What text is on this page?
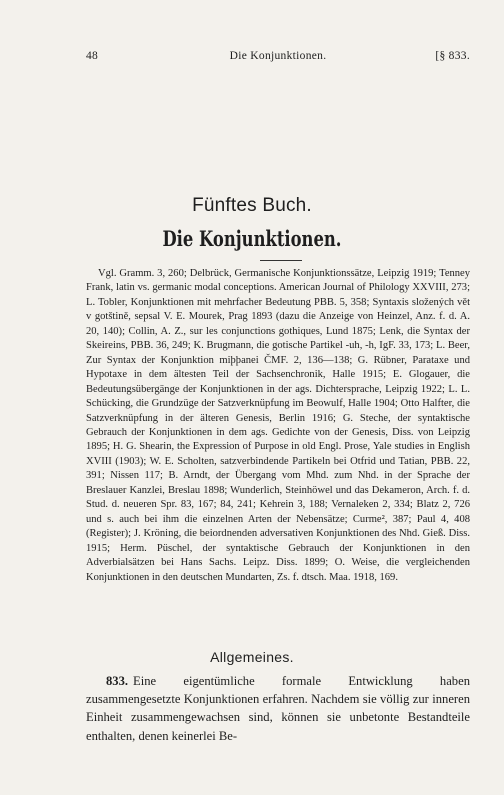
48	Die Konjunktionen.	[§ 833.
Fünftes Buch.
Die Konjunktionen.
Vgl. Gramm. 3, 260; Delbrück, Germanische Konjunktionssätze, Leipzig 1919; Tenney Frank, latin vs. germanic modal conceptions. American Journal of Philology XXVIII, 273; L. Tobler, Konjunktionen mit mehrfacher Bedeutung PBB. 5, 358; Syntaxis složených vět v gotštině, sepsal V. E. Mourek, Prag 1893 (dazu die Anzeige von Heinzel, Anz. f. d. A. 20, 140); Collin, A. Z., sur les conjunctions gothiques, Lund 1875; Lenk, die Syntax der Skeireins, PBB. 36, 249; K. Brugmann, die gotische Partikel -uh, -h, IgF. 33, 173; L. Beer, Zur Syntax der Konjunktion miþþanei ČMF. 2, 136—138; G. Rübner, Parataxe und Hypotaxe in dem ältesten Teil der Sachsenchronik, Halle 1915; E. Glogauer, die Bedeutungsübergänge der Konjunktionen in der ags. Dichtersprache, Leipzig 1922; L. L. Schücking, die Grundzüge der Satzverknüpfung im Beowulf, Halle 1904; Otto Halfter, die Satzverknüpfung in der älteren Genesis, Berlin 1916; G. Steche, der syntaktische Gebrauch der Konjunktionen in dem ags. Gedichte von der Genesis, Diss. von Leipzig 1895; H. G. Shearin, the Expression of Purpose in old Engl. Prose, Yale studies in English XVIII (1903); W. E. Scholten, satzverbindende Partikeln bei Otfrid und Tatian, PBB. 22, 391; Nissen 117; B. Arndt, der Übergang vom Mhd. zum Nhd. in der Sprache der Breslauer Kanzlei, Breslau 1898; Wunderlich, Steinhöwel und das Dekameron, Arch. f. d. Stud. d. neueren Spr. 83, 167; 84, 241; Kehrein 3, 188; Vernaleken 2, 334; Blatz 2, 726 und s. auch bei ihm die einzelnen Arten der Nebensätze; Curme², 387; Paul 4, 408 (Register); J. Kröning, die beiordnenden adversativen Konjunktionen des Nhd. Gieß. Diss. 1915; Herm. Püschel, der syntaktische Gebrauch der Konjunktionen in den Adverbialsätzen bei Hans Sachs. Leipz. Diss. 1899; O. Weise, die vergleichenden Konjunktionen in den deutschen Mundarten, Zs. f. dtsch. Maa. 1918, 169.
Allgemeines.
833. Eine eigentümliche formale Entwicklung haben zusammengesetzte Konjunktionen erfahren. Nachdem sie völlig zur inneren Einheit zusammengewachsen sind, können sie unbetonte Bestandteile enthalten, denen keinerlei Be-
